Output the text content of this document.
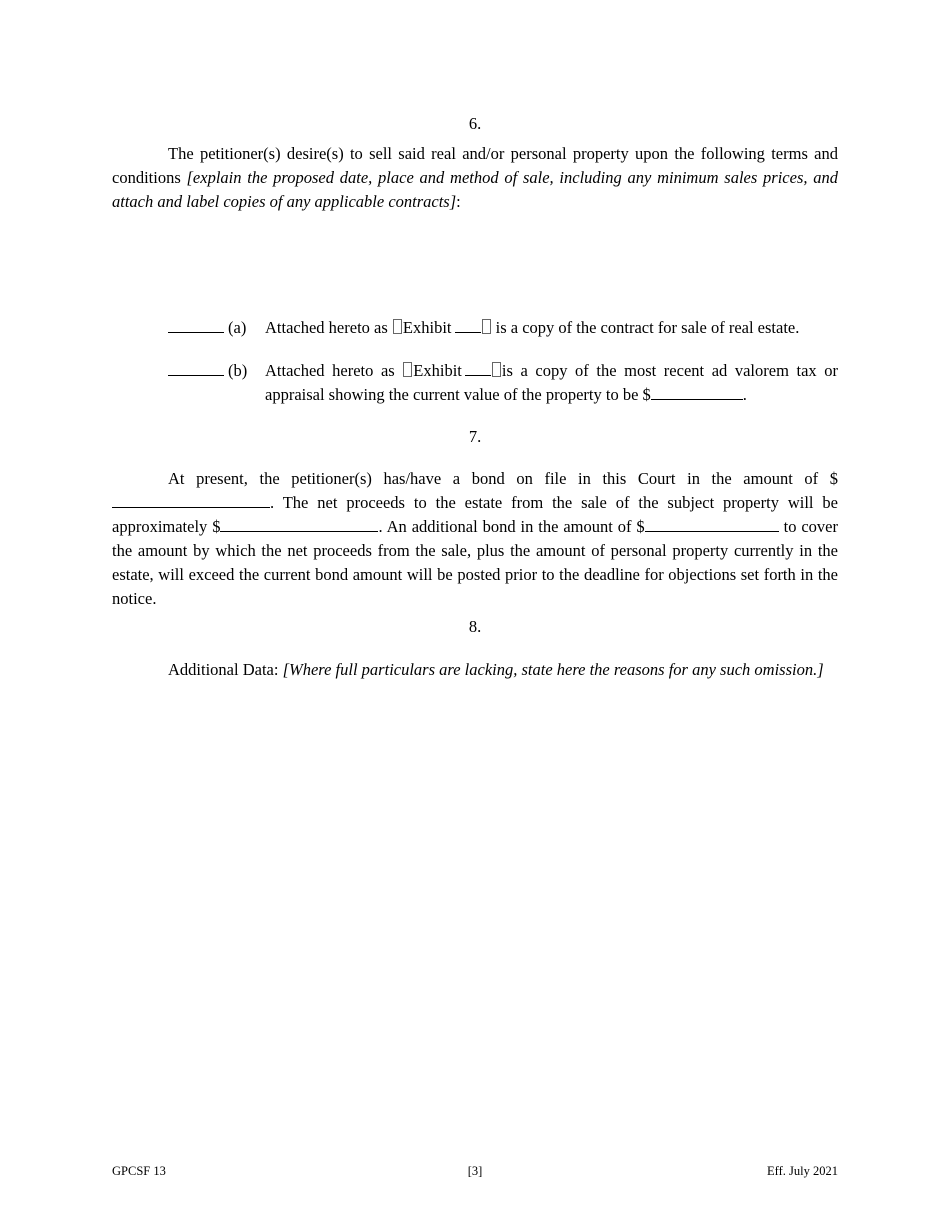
6.
The petitioner(s) desire(s) to sell said real and/or personal property upon the following terms and conditions [explain the proposed date, place and method of sale, including any minimum sales prices, and attach and label copies of any applicable contracts]:
(a) Attached hereto as Exhibit	is a copy of the contract for sale of real estate.
(b) Attached hereto as Exhibit is a copy of the most recent ad valorem tax or appraisal showing the current value of the property to be $	.
7.
At present, the petitioner(s) has/have a bond on file in this Court in the amount of $. The net proceeds to the estate from the sale of the subject property will be approximately $	. An additional bond in the amount of $	to cover the amount by which the net proceeds from the sale, plus the amount of personal property currently in the estate, will exceed the current bond amount will be posted prior to the deadline for objections set forth in the notice.
8.
Additional Data: [Where full particulars are lacking, state here the reasons for any such omission.]
GPCSF 13	[3]	Eff. July 2021
